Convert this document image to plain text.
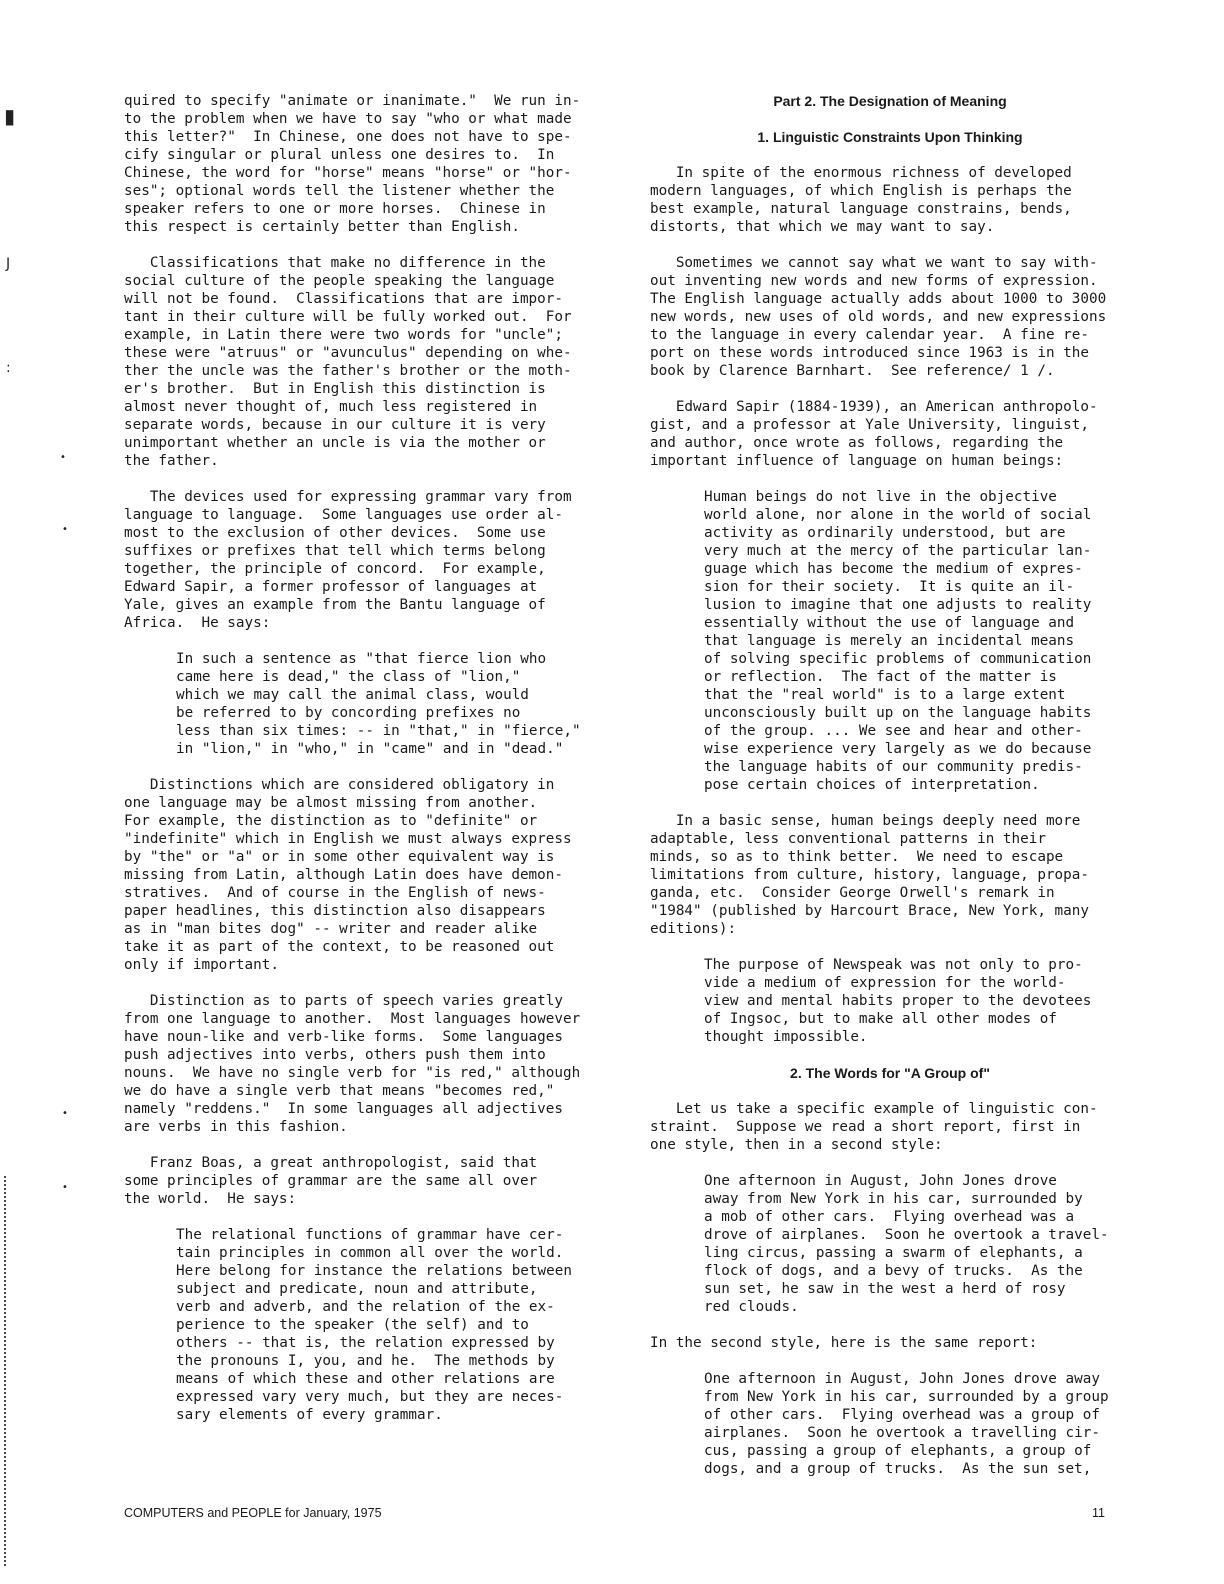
▮
J
:
•
•
•
•
quired to specify "animate or inanimate."  We run in-
to the problem when we have to say "who or what made
this letter?"  In Chinese, one does not have to spe-
cify singular or plural unless one desires to.  In
Chinese, the word for "horse" means "horse" or "hor-
ses"; optional words tell the listener whether the
speaker refers to one or more horses.  Chinese in
this respect is certainly better than English.
Classifications that make no difference in the
social culture of the people speaking the language
will not be found.  Classifications that are impor-
tant in their culture will be fully worked out.  For
example, in Latin there were two words for "uncle";
these were "atruus" or "avunculus" depending on whe-
ther the uncle was the father's brother or the moth-
er's brother.  But in English this distinction is
almost never thought of, much less registered in
separate words, because in our culture it is very
unimportant whether an uncle is via the mother or
the father.
The devices used for expressing grammar vary from
language to language.  Some languages use order al-
most to the exclusion of other devices.  Some use
suffixes or prefixes that tell which terms belong
together, the principle of concord.  For example,
Edward Sapir, a former professor of languages at
Yale, gives an example from the Bantu language of
Africa.  He says:
In such a sentence as "that fierce lion who
came here is dead," the class of "lion,"
which we may call the animal class, would
be referred to by concording prefixes no
less than six times: -- in "that," in "fierce,"
in "lion," in "who," in "came" and in "dead."
Distinctions which are considered obligatory in
one language may be almost missing from another.
For example, the distinction as to "definite" or
"indefinite" which in English we must always express
by "the" or "a" or in some other equivalent way is
missing from Latin, although Latin does have demon-
stratives.  And of course in the English of news-
paper headlines, this distinction also disappears
as in "man bites dog" -- writer and reader alike
take it as part of the context, to be reasoned out
only if important.
Distinction as to parts of speech varies greatly
from one language to another.  Most languages however
have noun-like and verb-like forms.  Some languages
push adjectives into verbs, others push them into
nouns.  We have no single verb for "is red," although
we do have a single verb that means "becomes red,"
namely "reddens."  In some languages all adjectives
are verbs in this fashion.
Franz Boas, a great anthropologist, said that
some principles of grammar are the same all over
the world.  He says:
The relational functions of grammar have cer-
tain principles in common all over the world.
Here belong for instance the relations between
subject and predicate, noun and attribute,
verb and adverb, and the relation of the ex-
perience to the speaker (the self) and to
others -- that is, the relation expressed by
the pronouns I, you, and he.  The methods by
means of which these and other relations are
expressed vary very much, but they are neces-
sary elements of every grammar.
Part 2. The Designation of Meaning
1. Linguistic Constraints Upon Thinking
In spite of the enormous richness of developed
modern languages, of which English is perhaps the
best example, natural language constrains, bends,
distorts, that which we may want to say.
Sometimes we cannot say what we want to say with-
out inventing new words and new forms of expression.
The English language actually adds about 1000 to 3000
new words, new uses of old words, and new expressions
to the language in every calendar year.  A fine re-
port on these words introduced since 1963 is in the
book by Clarence Barnhart.  See reference/ 1 /.
Edward Sapir (1884-1939), an American anthropolo-
gist, and a professor at Yale University, linguist,
and author, once wrote as follows, regarding the
important influence of language on human beings:
Human beings do not live in the objective
world alone, nor alone in the world of social
activity as ordinarily understood, but are
very much at the mercy of the particular lan-
guage which has become the medium of expres-
sion for their society.  It is quite an il-
lusion to imagine that one adjusts to reality
essentially without the use of language and
that language is merely an incidental means
of solving specific problems of communication
or reflection.  The fact of the matter is
that the "real world" is to a large extent
unconsciously built up on the language habits
of the group. ... We see and hear and other-
wise experience very largely as we do because
the language habits of our community predis-
pose certain choices of interpretation.
In a basic sense, human beings deeply need more
adaptable, less conventional patterns in their
minds, so as to think better.  We need to escape
limitations from culture, history, language, propa-
ganda, etc.  Consider George Orwell's remark in
"1984" (published by Harcourt Brace, New York, many
editions):
The purpose of Newspeak was not only to pro-
vide a medium of expression for the world-
view and mental habits proper to the devotees
of Ingsoc, but to make all other modes of
thought impossible.
2. The Words for "A Group of"
Let us take a specific example of linguistic con-
straint.  Suppose we read a short report, first in
one style, then in a second style:
One afternoon in August, John Jones drove
away from New York in his car, surrounded by
a mob of other cars.  Flying overhead was a
drove of airplanes.  Soon he overtook a travel-
ling circus, passing a swarm of elephants, a
flock of dogs, and a bevy of trucks.  As the
sun set, he saw in the west a herd of rosy
red clouds.
In the second style, here is the same report:
One afternoon in August, John Jones drove away
from New York in his car, surrounded by a group
of other cars.  Flying overhead was a group of
airplanes.  Soon he overtook a travelling cir-
cus, passing a group of elephants, a group of
dogs, and a group of trucks.  As the sun set,
COMPUTERS and PEOPLE for January, 1975	11
